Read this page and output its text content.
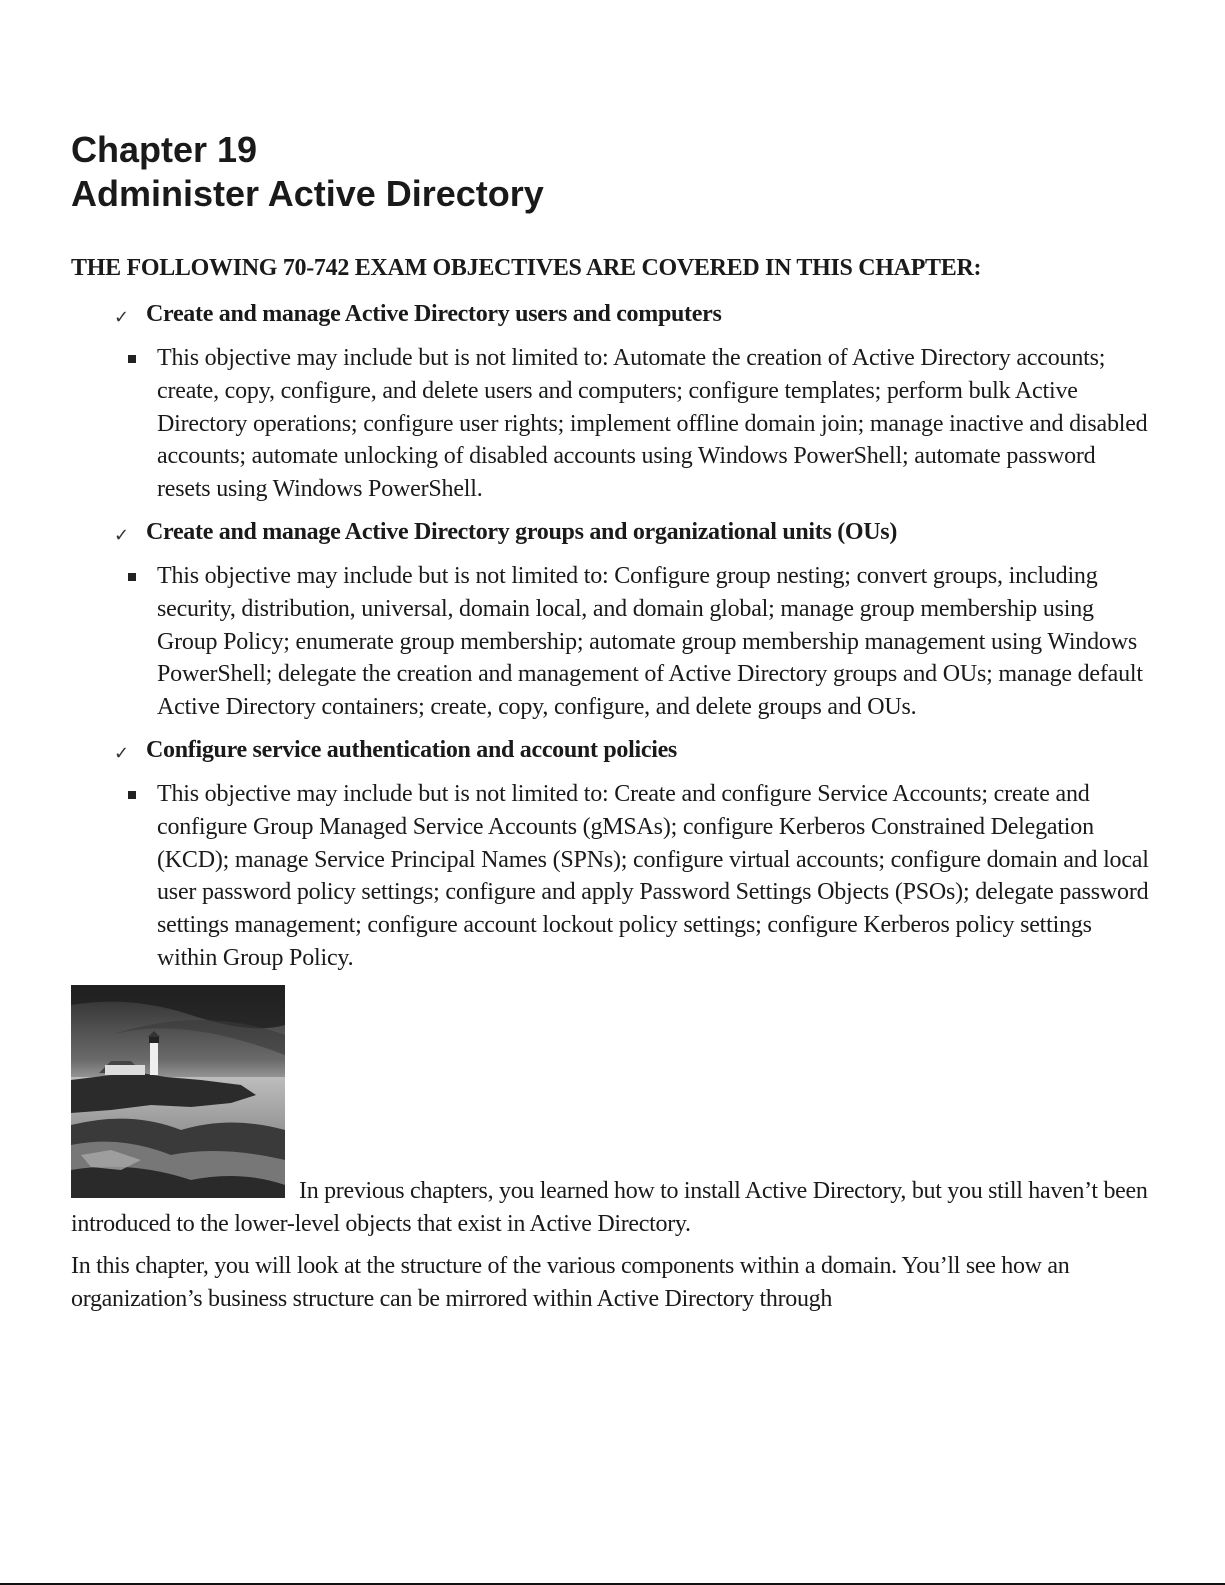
Chapter 19
Administer Active Directory
THE FOLLOWING 70-742 EXAM OBJECTIVES ARE COVERED IN THIS CHAPTER:
✓ Create and manage Active Directory users and computers
This objective may include but is not limited to: Automate the creation of Active Directory accounts; create, copy, configure, and delete users and computers; configure templates; perform bulk Active Directory operations; configure user rights; implement offline domain join; manage inactive and disabled accounts; automate unlocking of disabled accounts using Windows PowerShell; automate password resets using Windows PowerShell.
✓ Create and manage Active Directory groups and organizational units (OUs)
This objective may include but is not limited to: Configure group nesting; convert groups, including security, distribution, universal, domain local, and domain global; manage group membership using Group Policy; enumerate group membership; automate group membership management using Windows PowerShell; delegate the creation and management of Active Directory groups and OUs; manage default Active Directory containers; create, copy, configure, and delete groups and OUs.
✓ Configure service authentication and account policies
This objective may include but is not limited to: Create and configure Service Accounts; create and configure Group Managed Service Accounts (gMSAs); configure Kerberos Constrained Delegation (KCD); manage Service Principal Names (SPNs); configure virtual accounts; configure domain and local user password policy settings; configure and apply Password Settings Objects (PSOs); delegate password settings management; configure account lockout policy settings; configure Kerberos policy settings within Group Policy.
In previous chapters, you learned how to install Active Directory, but you still haven’t been introduced to the lower-level objects that exist in Active Directory.

In this chapter, you will look at the structure of the various components within a domain. You’ll see how an organization’s business structure can be mirrored within Active Directory through
